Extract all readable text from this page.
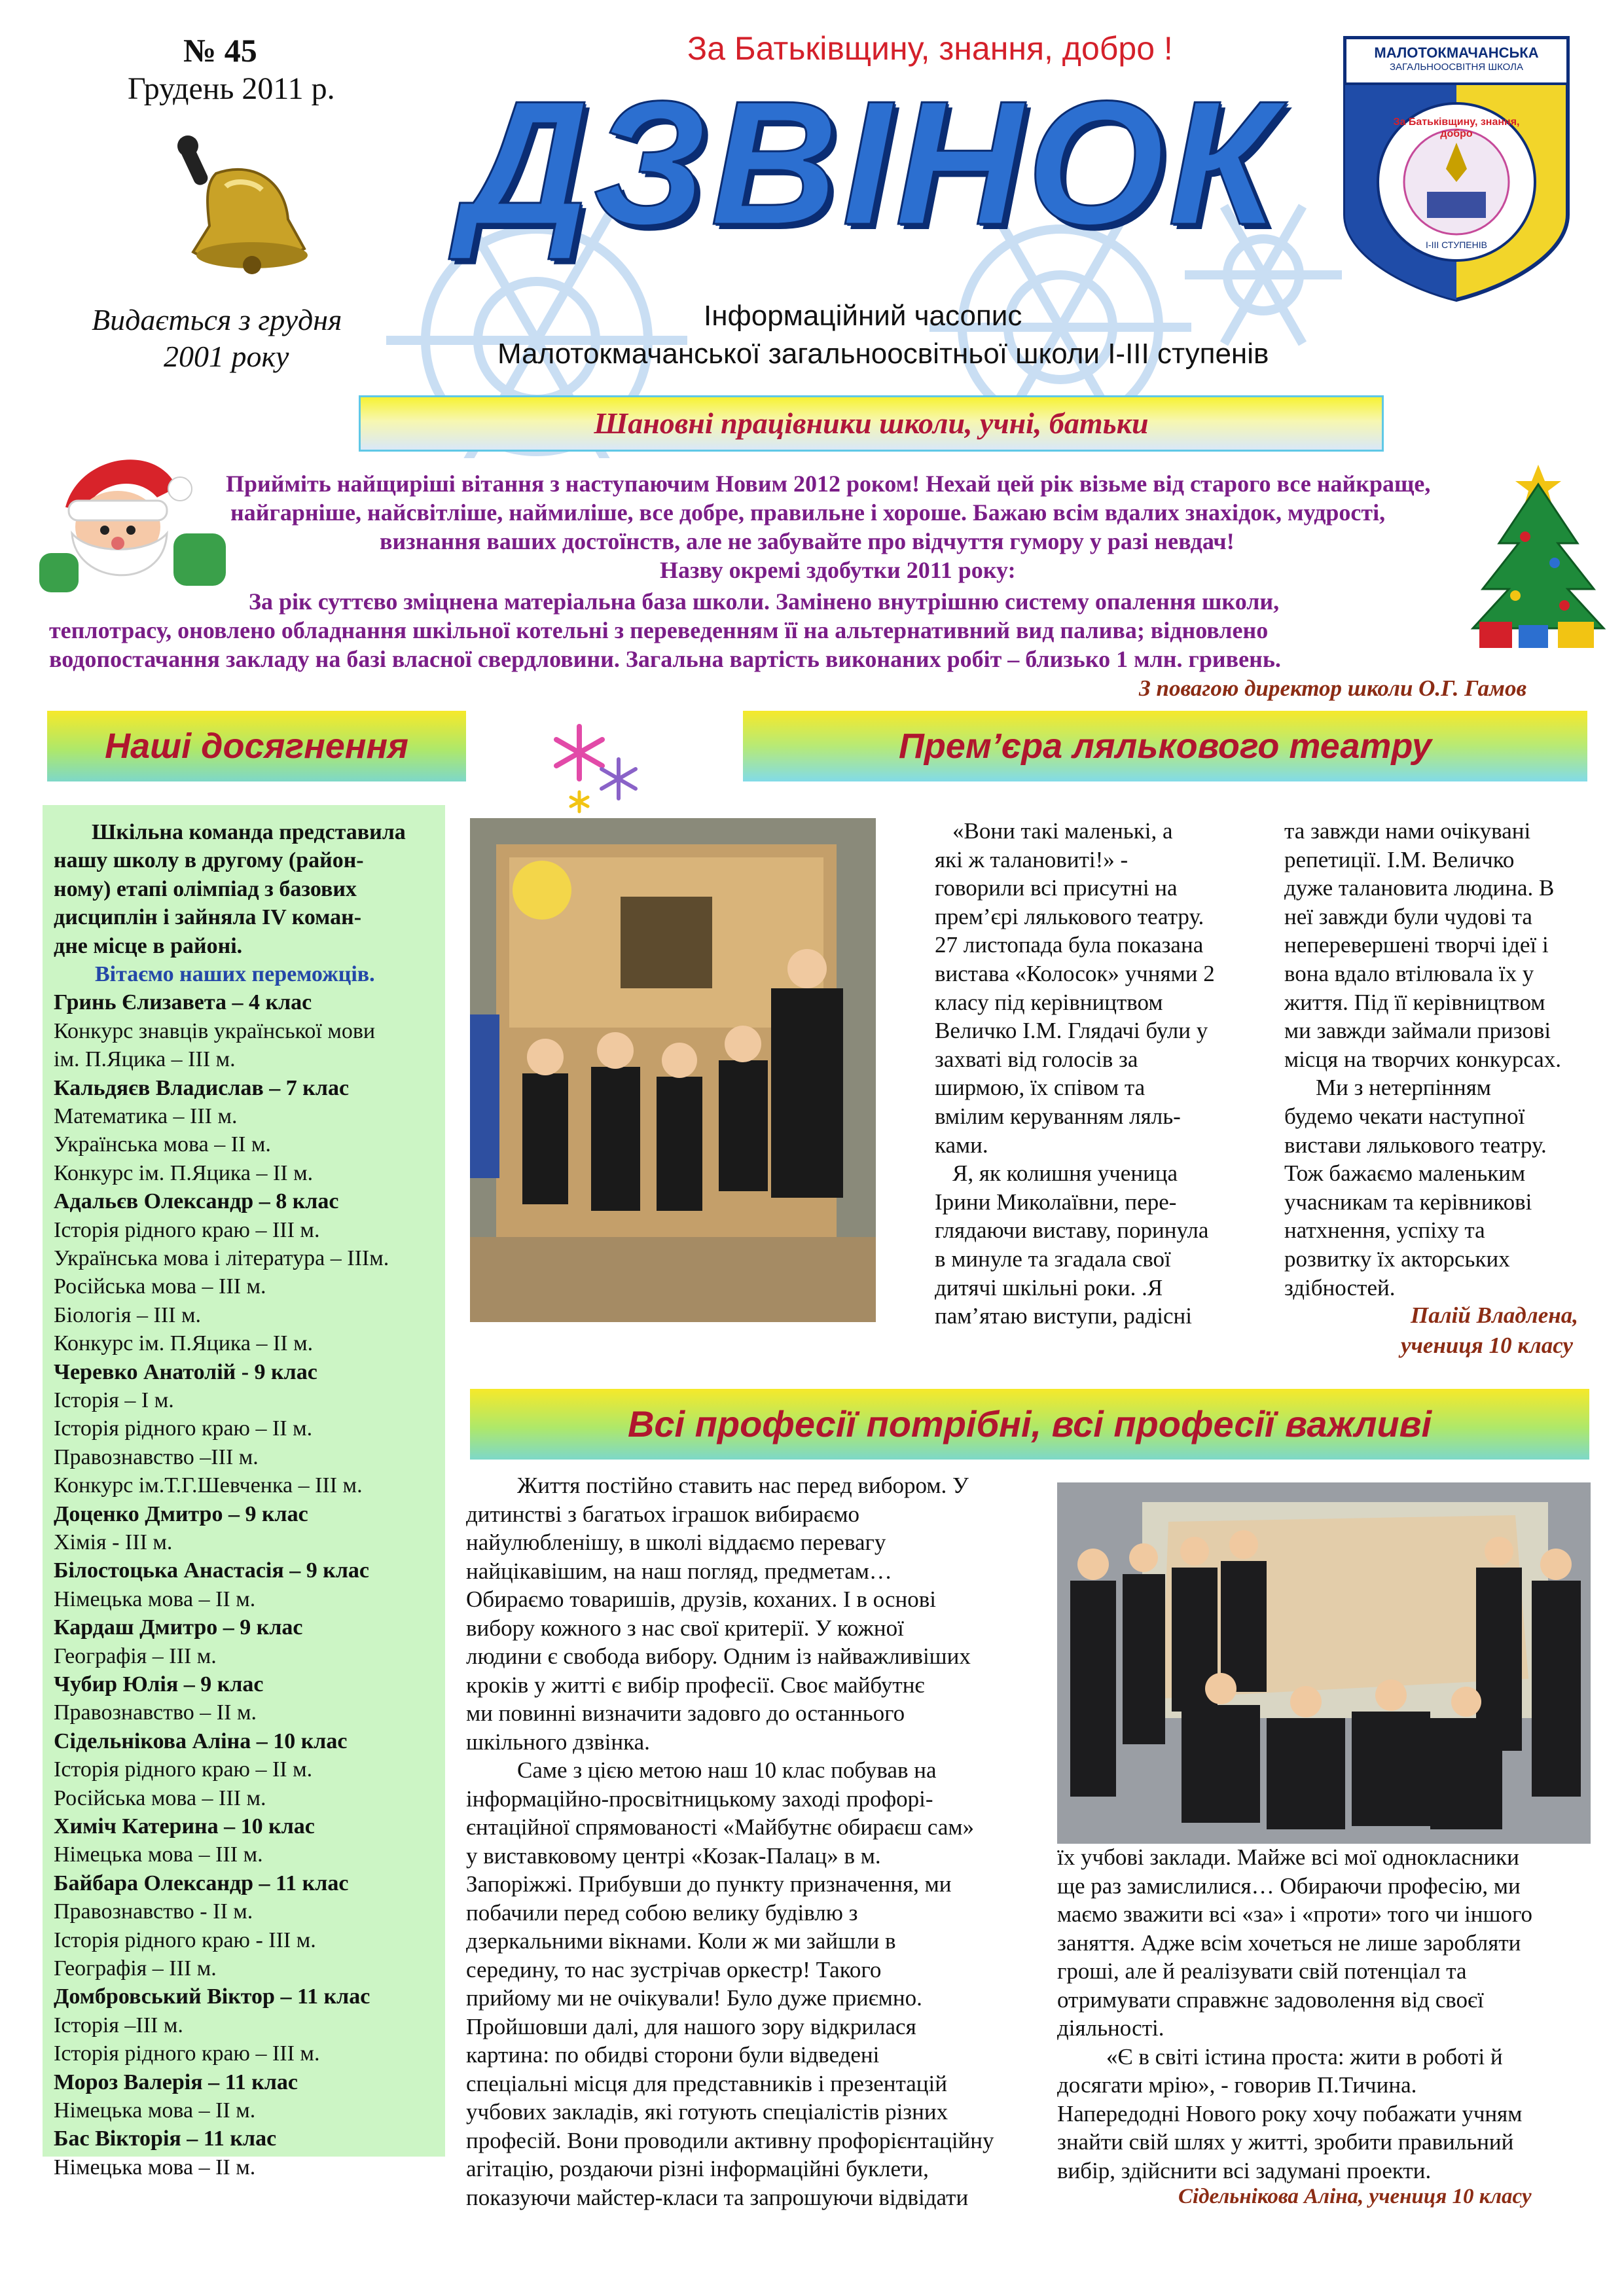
№ 45
Грудень 2011 р.
За Батьківщину, знання, добро !
ДЗВІНОК
МАЛОТОКМАЧАНСЬКА
ЗАГАЛЬНООСВІТНЯ ШКОЛА
І-ІІІ СТУПЕНІВ
За Батьківщину, знання, добро
Видається з грудня
2001 року
Інформаційний часопис
Малотокмачанської загальноосвітньої школи І-ІІІ ступенів
Шановні працівники школи, учні, батьки
Прийміть найщиріші вітання з наступаючим Новим 2012 роком! Нехай цей рік візьме від старого все найкраще,
найгарніше, найсвітліше, наймиліше, все добре, правильне і хороше. Бажаю всім вдалих знахідок, мудрості,
визнання ваших достоїнств, але не забувайте про відчуття гумору у разі невдач!
Назву окремі здобутки 2011 року:
За рік суттєво зміцнена матеріальна база школи. Замінено внутрішню систему опалення школи,
теплотрасу, оновлено обладнання шкільної котельні з переведенням її на альтернативний вид палива; відновлено
водопостачання закладу на базі власної свердловини. Загальна вартість виконаних робіт – близько 1 млн. гривень.
З повагою директор школи О.Г. Гамов
Наші досягнення	Прем’єра лялькового театру
Палій Владлена,
учениця 10 класу
Всі професії потрібні, всі професії важливі
Сідельнікова Аліна, учениця 10 класу
Шкільна команда представила
нашу школу в другому (район-
ному) етапі олімпіад з базових
дисциплін і зайняла IV коман-
дне місце в районі.
Вітаємо наших переможців.
Гринь Єлизавета – 4 клас
Конкурс знавців української мови
ім. П.Яцика – ІІІ м.
Кальдяєв Владислав – 7 клас
Математика – ІІІ м.
Українська мова – ІІ м.
Конкурс ім. П.Яцика – ІІ м.
Адальєв Олександр – 8 клас
Історія рідного краю – ІІІ м.
Українська мова і література – ІІІм.
Російська мова – ІІІ м.
Біологія – ІІІ м.
Конкурс ім. П.Яцика – ІІ м.
Черевко Анатолій - 9 клас
Історія – І м.
Історія рідного краю – ІІ м.
Правознавство –ІІІ м.
Конкурс ім.Т.Г.Шевченка – ІІІ м.
Доценко Дмитро – 9 клас
Хімія - ІІІ м.
Білостоцька Анастасія – 9 клас
Німецька мова – ІІ м.
Кардаш Дмитро – 9 клас
Географія – ІІІ м.
Чубир Юлія – 9 клас
Правознавство – ІІ м.
Сідельнікова Аліна – 10 клас
Історія рідного краю – ІІ м.
Російська мова – ІІІ м.
Химіч Катерина – 10 клас
Німецька мова – ІІІ м.
Байбара Олександр – 11 клас
Правознавство - ІІ м.
Історія рідного краю - ІІІ м.
Географія – ІІІ м.
Домбровський Віктор – 11 клас
Історія –ІІІ м.
Історія рідного краю – ІІІ м.
Мороз Валерія – 11 клас
Німецька мова – ІІ м.
Бас Вікторія – 11 клас
Німецька мова – ІІ м.
«Вони такі маленькі, а
які ж талановиті!» -
говорили всі присутні на
прем’єрі лялькового театру.
27 листопада була показана
вистава «Колосок» учнями 2
класу під керівництвом
Величко І.М. Глядачі були у
захваті від голосів за
ширмою, їх співом та
вмілим керуванням ляль-
ками.
Я, як колишня ученица
Ірини Миколаївни, пере-
глядаючи виставу, поринула
в минуле та згадала свої
дитячі шкільні роки. .Я
пам’ятаю виступи, радісні
та завжди нами очікувані
репетиції. І.М. Величко
дуже талановита людина. В
неї завжди були чудові та
неперевершені творчі ідеї і
вона вдало втілювала їх у
життя. Під її керівництвом
ми завжди займали призові
місця на творчих конкурсах.
Ми з нетерпінням
будемо чекати наступної
вистави лялькового театру.
Тож бажаємо маленьким
учасникам та керівникові
натхнення, успіху та
розвитку їх акторських
здібностей.
Життя постійно ставить нас перед вибором. У
дитинстві з багатьох іграшок вибираємо
найулюбленішу, в школі віддаємо перевагу
найцікавішим, на наш погляд, предметам…
Обираємо товаришів, друзів, коханих. І в основі
вибору кожного з нас свої критерії. У кожної
людини є свобода вибору. Одним із найважливіших
кроків у житті є вибір професії. Своє майбутнє
ми повинні визначити задовго до останнього
шкільного дзвінка.
Саме з цією метою наш 10 клас побував на
інформаційно-просвітницькому заході профорі-
єнтаційної спрямованості «Майбутнє обираєш сам»
у виставковому центрі «Козак-Палац» в м.
Запоріжжі. Прибувши до пункту призначення, ми
побачили перед собою велику будівлю з
дзеркальними вікнами. Коли ж ми зайшли в
середину, то нас зустрічав оркестр! Такого
прийому ми не очікували! Було дуже приємно.
Пройшовши далі, для нашого зору відкрилася
картина: по обидві сторони були відведені
спеціальні місця для представників і презентацій
учбових закладів, які готують спеціалістів різних
професій. Вони проводили активну профорієнтаційну
агітацію, роздаючи різні інформаційні буклети,
показуючи майстер-класи та запрошуючи відвідати
їх учбові заклади. Майже всі мої однокласники
ще раз замислилися… Обираючи професію, ми
маємо зважити всі «за» і «проти» того чи іншого
заняття. Адже всім хочеться не лише заробляти
гроші, але й реалізувати свій потенціал та
отримувати справжнє задоволення від своєї
діяльності.
«Є в світі істина проста: жити в роботі й
досягати мрію», - говорив П.Тичина.
Напередодні Нового року хочу побажати учням
знайти свій шлях у житті, зробити правильний
вибір, здійснити всі задумані проекти.
